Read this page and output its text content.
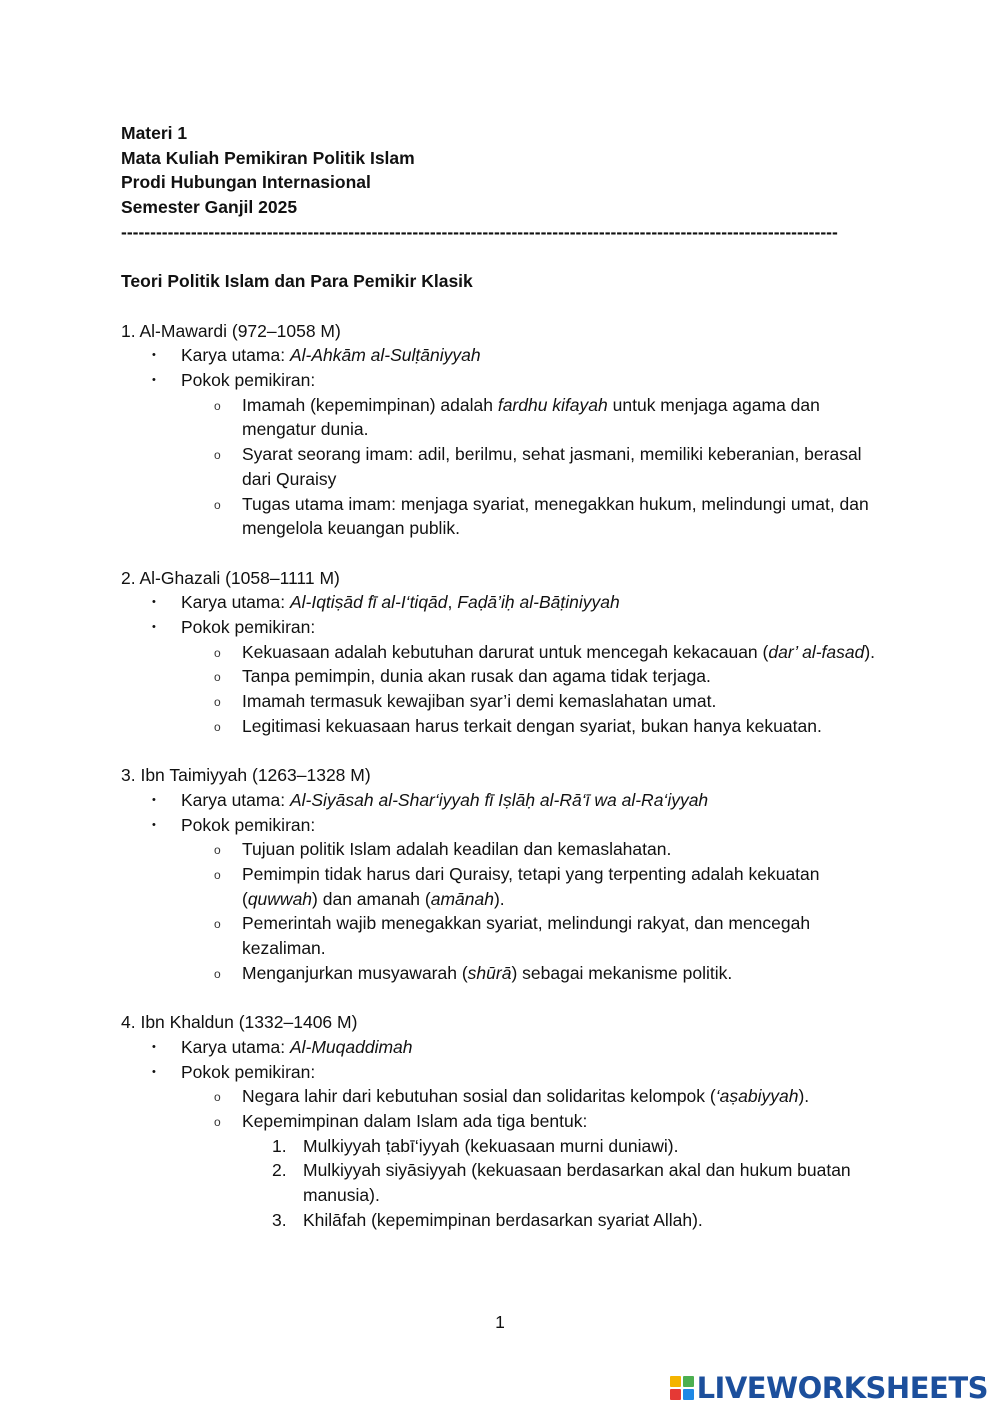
Materi 1
Mata Kuliah Pemikiran Politik Islam
Prodi Hubungan Internasional
Semester Ganjil 2025
---------------------------------------------------------------------------------------------------------------------------
Teori Politik Islam dan Para Pemikir Klasik
1. Al-Mawardi (972–1058 M)
• Karya utama: Al-Ahkām al-Sulṭāniyyah
• Pokok pemikiran:
o Imamah (kepemimpinan) adalah fardhu kifayah untuk menjaga agama dan mengatur dunia.
o Syarat seorang imam: adil, berilmu, sehat jasmani, memiliki keberanian, berasal dari Quraisy
o Tugas utama imam: menjaga syariat, menegakkan hukum, melindungi umat, dan mengelola keuangan publik.
2. Al-Ghazali (1058–1111 M)
• Karya utama: Al-Iqtiṣād fī al-I‘tiqād, Faḍā’iḥ al-Bāṭiniyyah
• Pokok pemikiran:
o Kekuasaan adalah kebutuhan darurat untuk mencegah kekacauan (dar’ al-fasad).
o Tanpa pemimpin, dunia akan rusak dan agama tidak terjaga.
o Imamah termasuk kewajiban syar’i demi kemaslahatan umat.
o Legitimasi kekuasaan harus terkait dengan syariat, bukan hanya kekuatan.
3. Ibn Taimiyyah (1263–1328 M)
• Karya utama: Al-Siyāsah al-Shar‘iyyah fī Iṣlāḥ al-Rā‘ī wa al-Ra‘iyyah
• Pokok pemikiran:
o Tujuan politik Islam adalah keadilan dan kemaslahatan.
o Pemimpin tidak harus dari Quraisy, tetapi yang terpenting adalah kekuatan (quwwah) dan amanah (amānah).
o Pemerintah wajib menegakkan syariat, melindungi rakyat, dan mencegah kezaliman.
o Menganjurkan musyawarah (shūrā) sebagai mekanisme politik.
4. Ibn Khaldun (1332–1406 M)
• Karya utama: Al-Muqaddimah
• Pokok pemikiran:
o Negara lahir dari kebutuhan sosial dan solidaritas kelompok (‘aṣabiyyah).
o Kepemimpinan dalam Islam ada tiga bentuk:
1. Mulkiyyah ṭabī‘iyyah (kekuasaan murni duniawi).
2. Mulkiyyah siyāsiyyah (kekuasaan berdasarkan akal dan hukum buatan manusia).
3. Khilāfah (kepemimpinan berdasarkan syariat Allah).
1
LIVEWORKSHEETS
